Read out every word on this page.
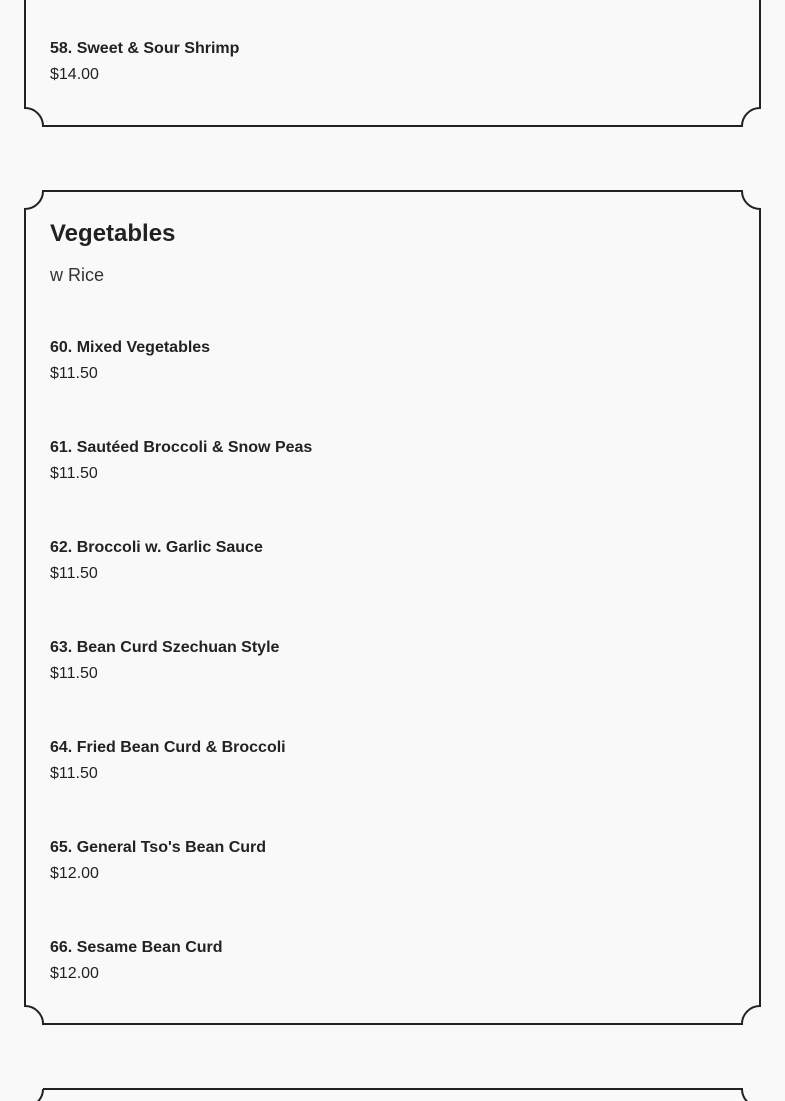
58. Sweet & Sour Shrimp
$14.00
Vegetables
w Rice
60. Mixed Vegetables
$11.50
61. Sautéed Broccoli & Snow Peas
$11.50
62. Broccoli w. Garlic Sauce
$11.50
63. Bean Curd Szechuan Style
$11.50
64. Fried Bean Curd & Broccoli
$11.50
65. General Tso's Bean Curd
$12.00
66. Sesame Bean Curd
$12.00
